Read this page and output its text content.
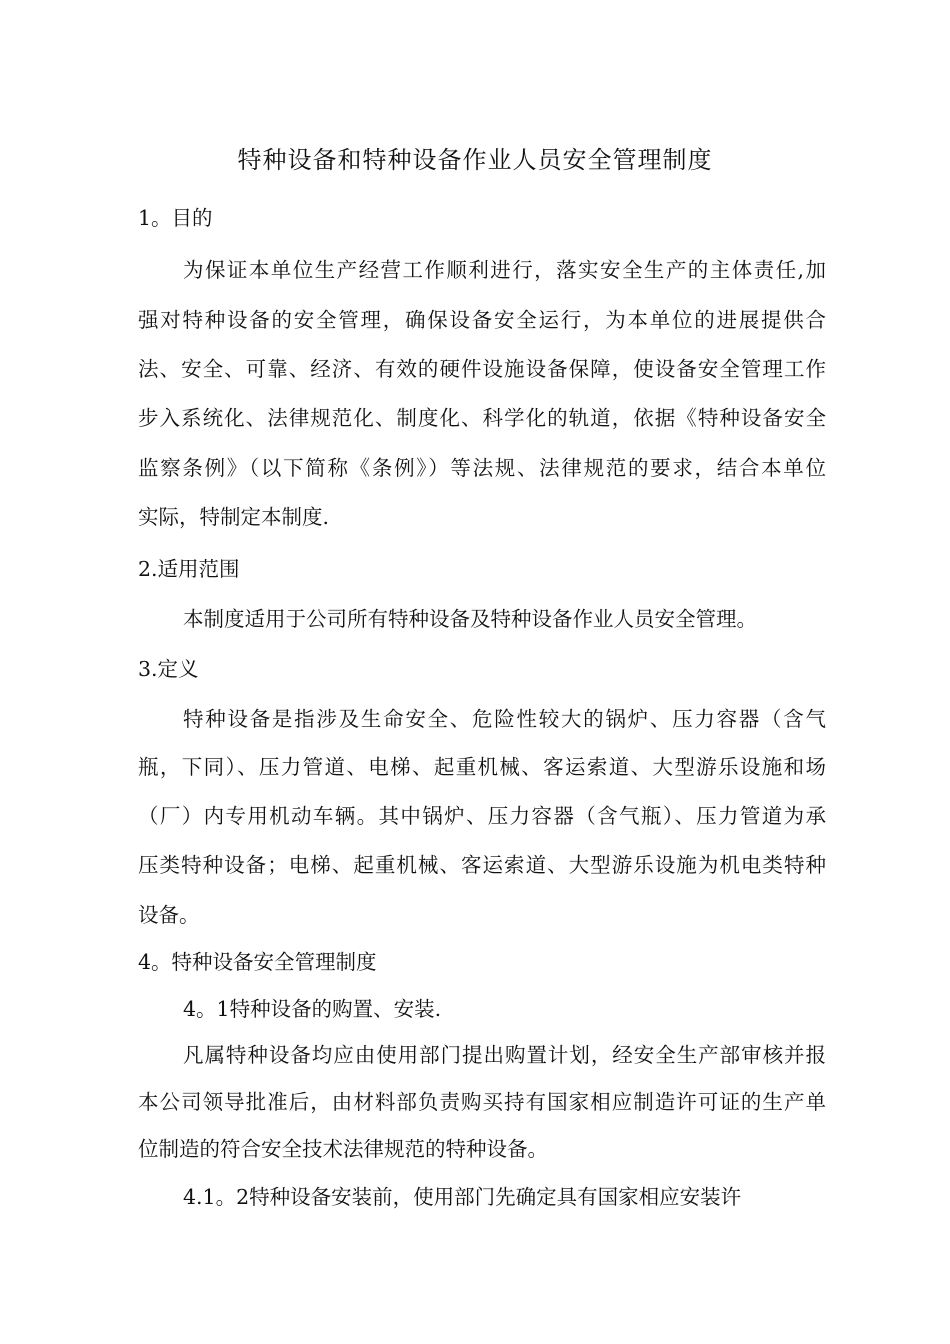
特种设备和特种设备作业人员安全管理制度

1。目的

为保证本单位生产经营工作顺利进行，落实安全生产的主体责任,加

强对特种设备的安全管理，确保设备安全运行，为本单位的进展提供合

法、安全、可靠、经济、有效的硬件设施设备保障，使设备安全管理工作

步入系统化、法律规范化、制度化、科学化的轨道，依据《特种设备安全

监察条例》（以下简称《条例》）等法规、法律规范的要求，结合本单位

实际，特制定本制度.

2.适用范围

本制度适用于公司所有特种设备及特种设备作业人员安全管理。

3.定义

特种设备是指涉及生命安全、危险性较大的锅炉、压力容器（含气

瓶，下同）、压力管道、电梯、起重机械、客运索道、大型游乐设施和场

（厂）内专用机动车辆。其中锅炉、压力容器（含气瓶）、压力管道为承

压类特种设备；电梯、起重机械、客运索道、大型游乐设施为机电类特种

设备。

4。特种设备安全管理制度

4。1特种设备的购置、安装.

凡属特种设备均应由使用部门提出购置计划，经安全生产部审核并报

本公司领导批准后，由材料部负责购买持有国家相应制造许可证的生产单

位制造的符合安全技术法律规范的特种设备。

4.1。2特种设备安装前，使用部门先确定具有国家相应安装许
